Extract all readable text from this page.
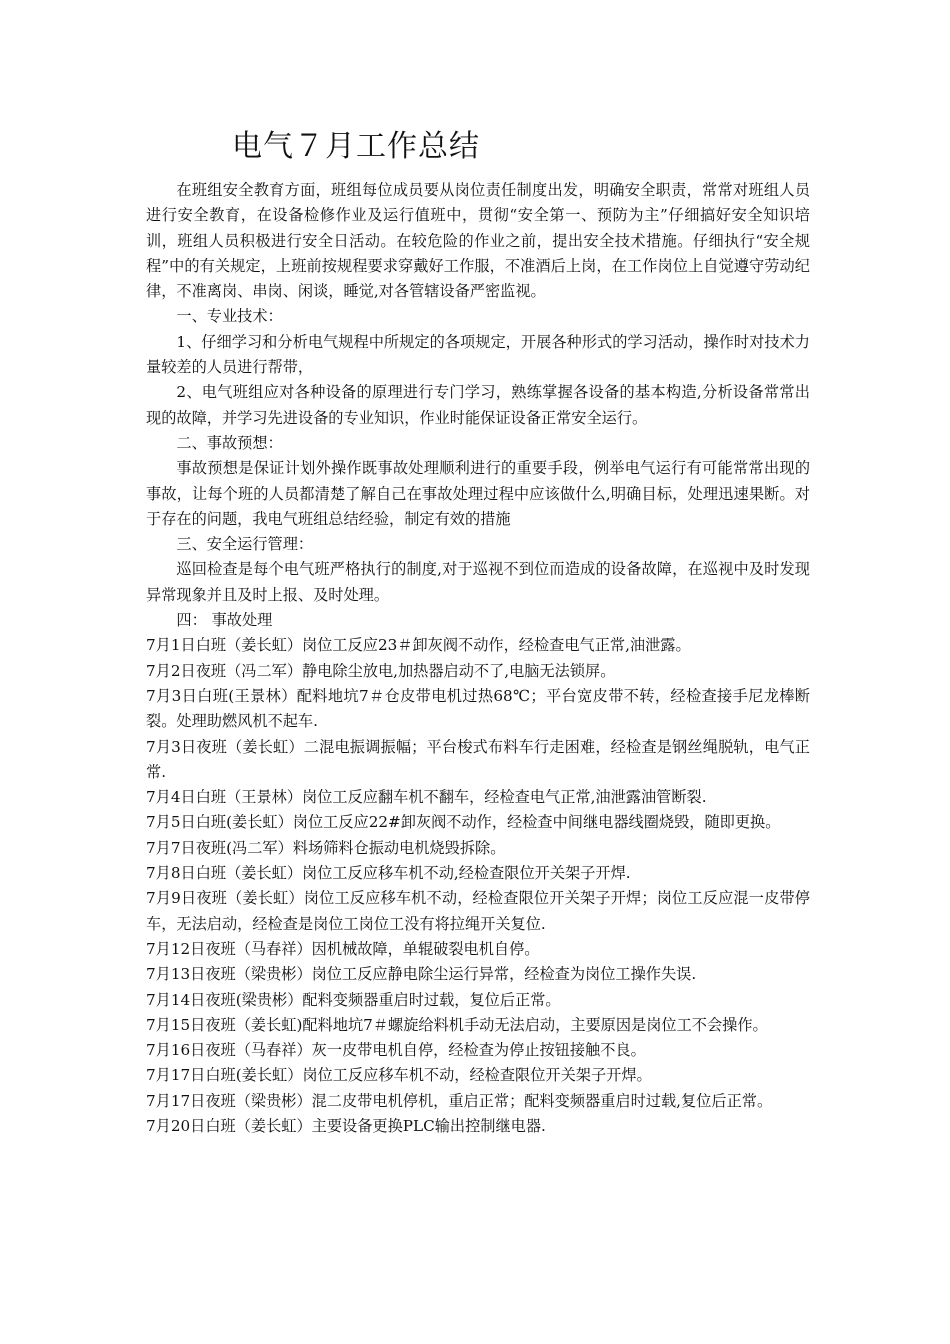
电气７月工作总结

在班组安全教育方面，班组每位成员要从岗位责任制度出发，明确安全职责，常常对班组人员进行安全教育，在设备检修作业及运行值班中，贯彻“安全第一、预防为主”仔细搞好安全知识培训，班组人员积极进行安全日活动。在较危险的作业之前，提出安全技术措施。仔细执行“安全规程”中的有关规定，上班前按规程要求穿戴好工作服，不准酒后上岗，在工作岗位上自觉遵守劳动纪律，不准离岗、串岗、闲谈，睡觉,对各管辖设备严密监视。

一、专业技术：

1、仔细学习和分析电气规程中所规定的各项规定，开展各种形式的学习活动，操作时对技术力量较差的人员进行帮带，

2、电气班组应对各种设备的原理进行专门学习，熟练掌握各设备的基本构造,分析设备常常出现的故障，并学习先进设备的专业知识，作业时能保证设备正常安全运行。

二、事故预想：

事故预想是保证计划外操作既事故处理顺利进行的重要手段，例举电气运行有可能常常出现的事故，让每个班的人员都清楚了解自己在事故处理过程中应该做什么,明确目标，处理迅速果断。对于存在的问题，我电气班组总结经验，制定有效的措施

三、安全运行管理：

巡回检查是每个电气班严格执行的制度,对于巡视不到位而造成的设备故障，在巡视中及时发现异常现象并且及时上报、及时处理。

四： 事故处理

7月1日白班（姜长虹）岗位工反应23＃卸灰阀不动作，经检查电气正常,油泄露。
7月2日夜班（冯二军）静电除尘放电,加热器启动不了,电脑无法锁屏。
7月3日白班(王景林）配料地坑7＃仓皮带电机过热68℃；平台宽皮带不转，经检查接手尼龙棒断裂。处理助燃风机不起车.
7月3日夜班（姜长虹）二混电振调振幅；平台梭式布料车行走困难，经检查是钢丝绳脱轨，电气正常.
7月4日白班（王景林）岗位工反应翻车机不翻车，经检查电气正常,油泄露油管断裂.
7月5日白班(姜长虹）岗位工反应22#卸灰阀不动作，经检查中间继电器线圈烧毁，随即更换。
7月7日夜班(冯二军）料场筛料仓振动电机烧毁拆除。
7月8日白班（姜长虹）岗位工反应移车机不动,经检查限位开关架子开焊.
7月9日夜班（姜长虹）岗位工反应移车机不动，经检查限位开关架子开焊；岗位工反应混一皮带停车，无法启动，经检查是岗位工岗位工没有将拉绳开关复位.
7月12日夜班（马春祥）因机械故障，单辊破裂电机自停。
7月13日夜班（梁贵彬）岗位工反应静电除尘运行异常，经检查为岗位工操作失误.
7月14日夜班(梁贵彬）配料变频器重启时过载，复位后正常。
7月15日夜班（姜长虹)配料地坑7＃螺旋给料机手动无法启动，主要原因是岗位工不会操作。
7月16日夜班（马春祥）灰一皮带电机自停，经检查为停止按钮接触不良。
7月17日白班(姜长虹）岗位工反应移车机不动，经检查限位开关架子开焊。
7月17日夜班（梁贵彬）混二皮带电机停机，重启正常；配料变频器重启时过载,复位后正常。
7月20日白班（姜长虹）主要设备更换PLC输出控制继电器.
